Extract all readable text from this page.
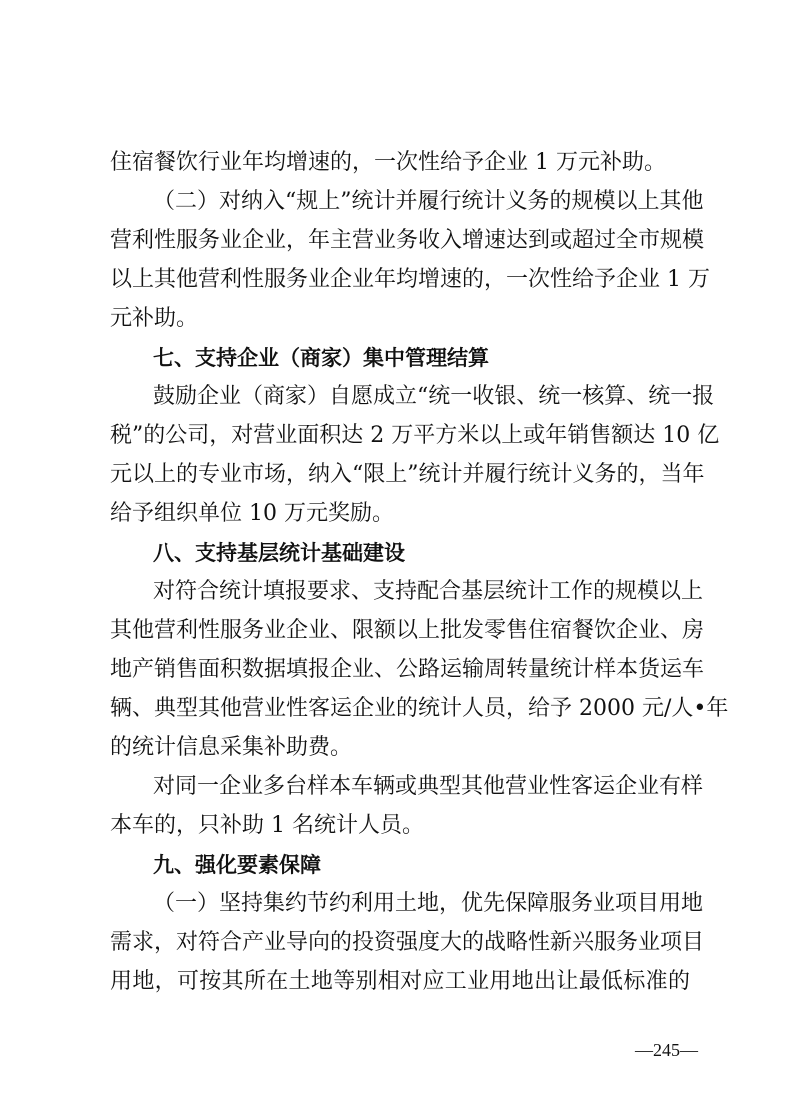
住宿餐饮行业年均增速的，一次性给予企业 1 万元补助。
（二）对纳入“规上”统计并履行统计义务的规模以上其他
营利性服务业企业，年主营业务收入增速达到或超过全市规模
以上其他营利性服务业企业年均增速的，一次性给予企业 1 万
元补助。
七、支持企业（商家）集中管理结算
鼓励企业（商家）自愿成立“统一收银、统一核算、统一报
税”的公司，对营业面积达 2 万平方米以上或年销售额达 10 亿
元以上的专业市场，纳入“限上”统计并履行统计义务的，当年
给予组织单位 10 万元奖励。
八、支持基层统计基础建设
对符合统计填报要求、支持配合基层统计工作的规模以上
其他营利性服务业企业、限额以上批发零售住宿餐饮企业、房
地产销售面积数据填报企业、公路运输周转量统计样本货运车
辆、典型其他营业性客运企业的统计人员，给予 2000 元/人•年
的统计信息采集补助费。
对同一企业多台样本车辆或典型其他营业性客运企业有样
本车的，只补助 1 名统计人员。
九、强化要素保障
（一）坚持集约节约利用土地，优先保障服务业项目用地
需求，对符合产业导向的投资强度大的战略性新兴服务业项目
用地，可按其所在土地等别相对应工业用地出让最低标准的
—245—
